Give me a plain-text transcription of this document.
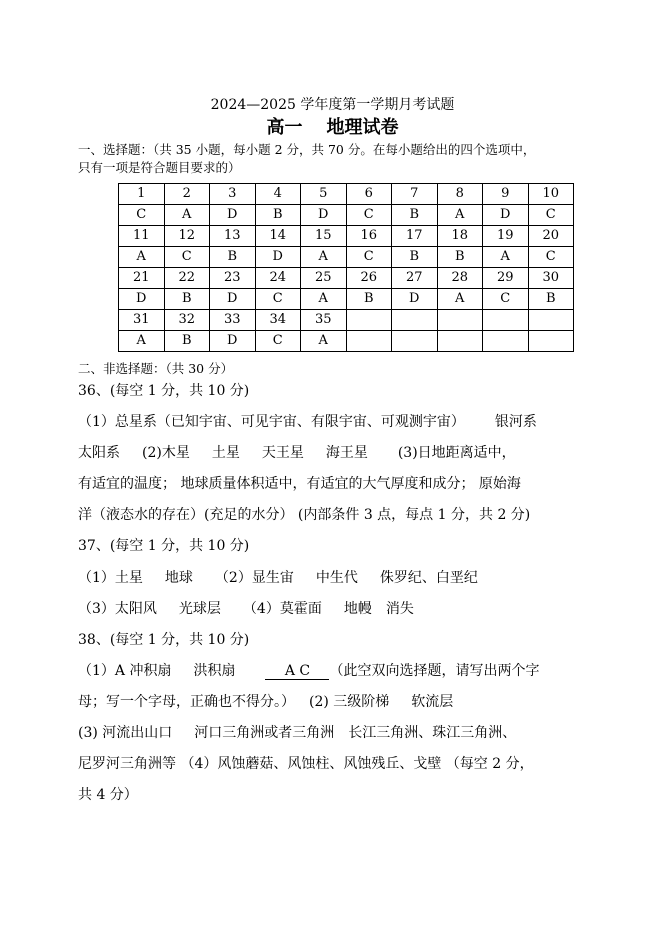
2024—2025 学年度第一学期月考试题
高一 地理试卷
一、选择题：（共 35 小题，每小题 2 分，共 70 分。在每小题给出的四个选项中，
只有一项是符合题目要求的）
1	2	3	4	5	6	7	8	9	10
C	A	D	B	D	C	B	A	D	C
11	12	13	14	15	16	17	18	19	20
A	C	B	D	A	C	B	B	A	C
21	22	23	24	25	26	27	28	29	30
D	B	D	C	A	B	D	A	C	B
31	32	33	34	35					
A	B	D	C	A					
二、非选择题：（共 30 分）
36、(每空 1 分，共 10 分)
（1）总星系（已知宇宙、可见宇宙、有限宇宙、可观测宇宙） 银河系
太阳系 (2)木星 土星 天王星 海王星 (3)日地距离适中，
有适宜的温度； 地球质量体积适中，有适宜的大气厚度和成分； 原始海
洋（液态水的存在）(充足的水分） (内部条件 3 点，每点 1 分，共 2 分)
37、(每空 1 分，共 10 分)
（1）土星 地球 （2）显生宙 中生代 侏罗纪、白垩纪
（3）太阳风 光球层 （4）莫霍面 地幔 消失
38、(每空 1 分，共 10 分)
（1）A 冲积扇 洪积扇	A C （此空双向选择题，请写出两个字
母；写一个字母，正确也不得分。） (2) 三级阶梯 软流层
(3) 河流出山口 河口三角洲或者三角洲 长江三角洲、珠江三角洲、
尼罗河三角洲等 （4）风蚀蘑菇、风蚀柱、风蚀残丘、戈壁 （每空 2 分，
共 4 分）
